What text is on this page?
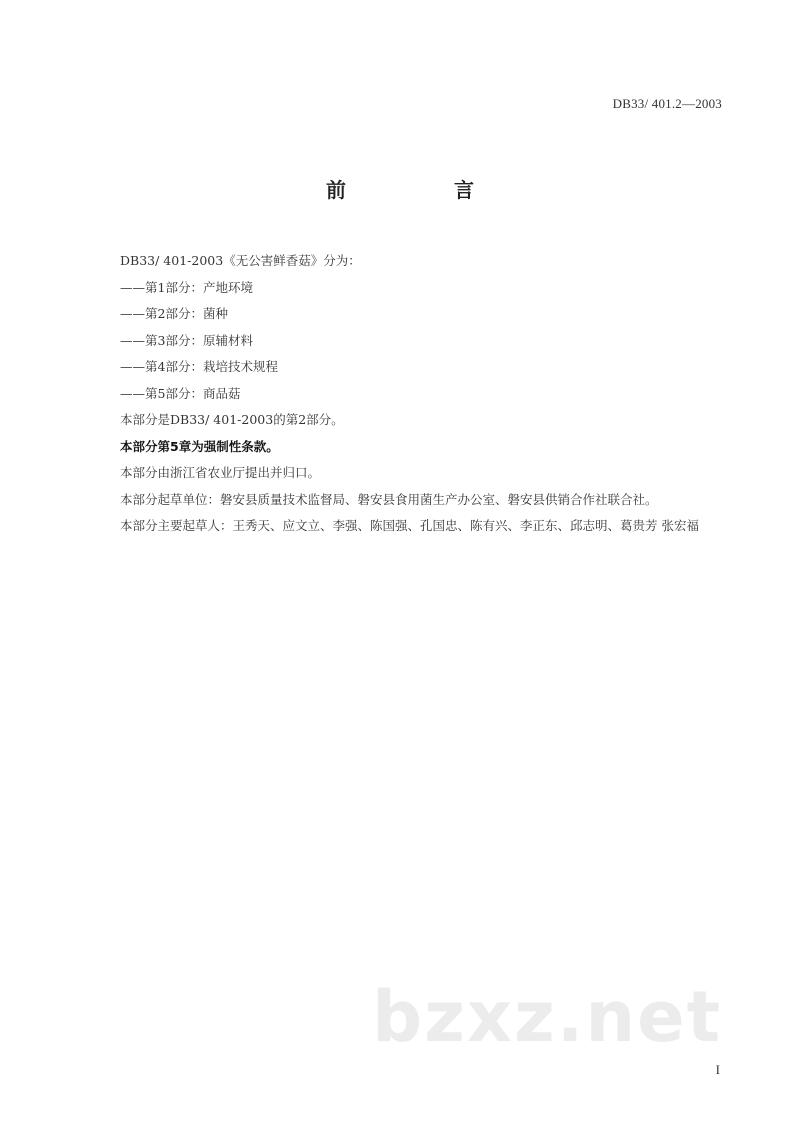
DB33/ 401.2—2003
前　言
DB33/ 401-2003《无公害鲜香菇》分为：
——第1部分：产地环境
——第2部分：菌种
——第3部分：原辅材料
——第4部分：栽培技术规程
——第5部分：商品菇
本部分是DB33/ 401-2003的第2部分。
本部分第5章为强制性条款。
本部分由浙江省农业厅提出并归口。
本部分起草单位：磐安县质量技术监督局、磐安县食用菌生产办公室、磐安县供销合作社联合社。
本部分主要起草人：王秀天、应文立、李强、陈国强、孔国忠、陈有兴、李正东、邱志明、葛贵芳 张宏福
bzxz.net
I
